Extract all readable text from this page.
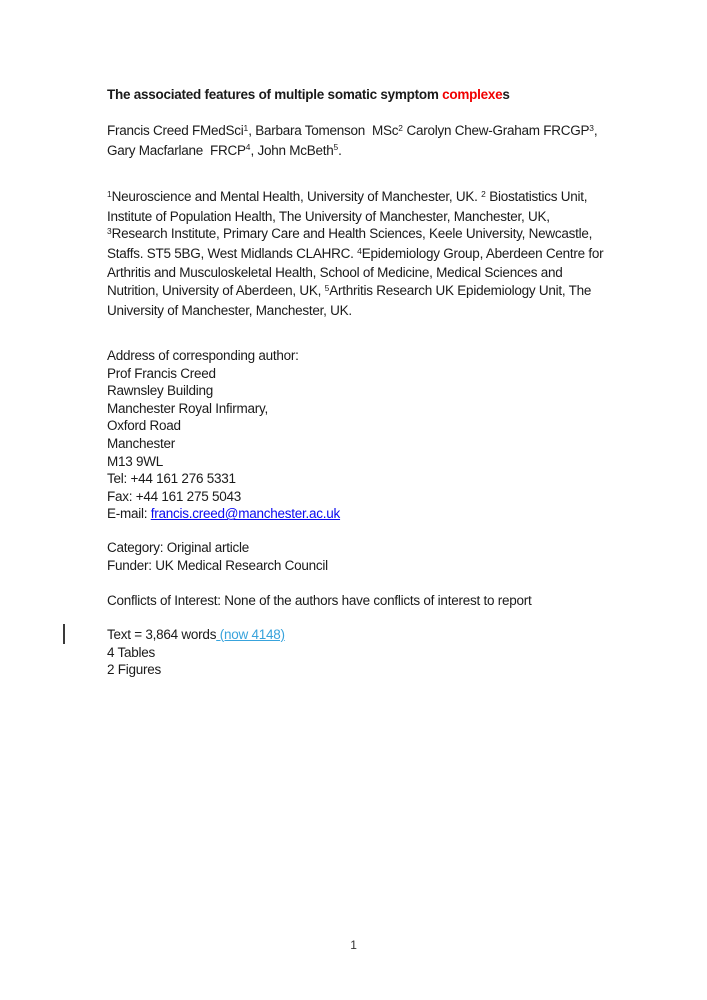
The associated features of multiple somatic symptom complexes
Francis Creed FMedSci$^1$, Barbara Tomenson  MSc$^2$ Carolyn Chew-Graham FRCGP$^3$,
Gary Macfarlane  FRCP$^4$, John McBeth$^5$.
$^1$Neuroscience and Mental Health, University of Manchester, UK. $^2$ Biostatistics Unit,
Institute of Population Health, The University of Manchester, Manchester, UK,
$^3$Research Institute, Primary Care and Health Sciences, Keele University, Newcastle,
Staffs. ST5 5BG, West Midlands CLAHRC. $^4$Epidemiology Group, Aberdeen Centre for
Arthritis and Musculoskeletal Health, School of Medicine, Medical Sciences and
Nutrition, University of Aberdeen, UK, $^5$Arthritis Research UK Epidemiology Unit, The
University of Manchester, Manchester, UK.
Address of corresponding author:
Prof Francis Creed
Rawnsley Building
Manchester Royal Infirmary,
Oxford Road
Manchester
M13 9WL
Tel: +44 161 276 5331
Fax: +44 161 275 5043
E-mail: francis.creed@manchester.ac.uk
Category: Original article
Funder: UK Medical Research Council
Conflicts of Interest: None of the authors have conflicts of interest to report
Text = 3,864 words (now 4148)
4 Tables
2 Figures
1
